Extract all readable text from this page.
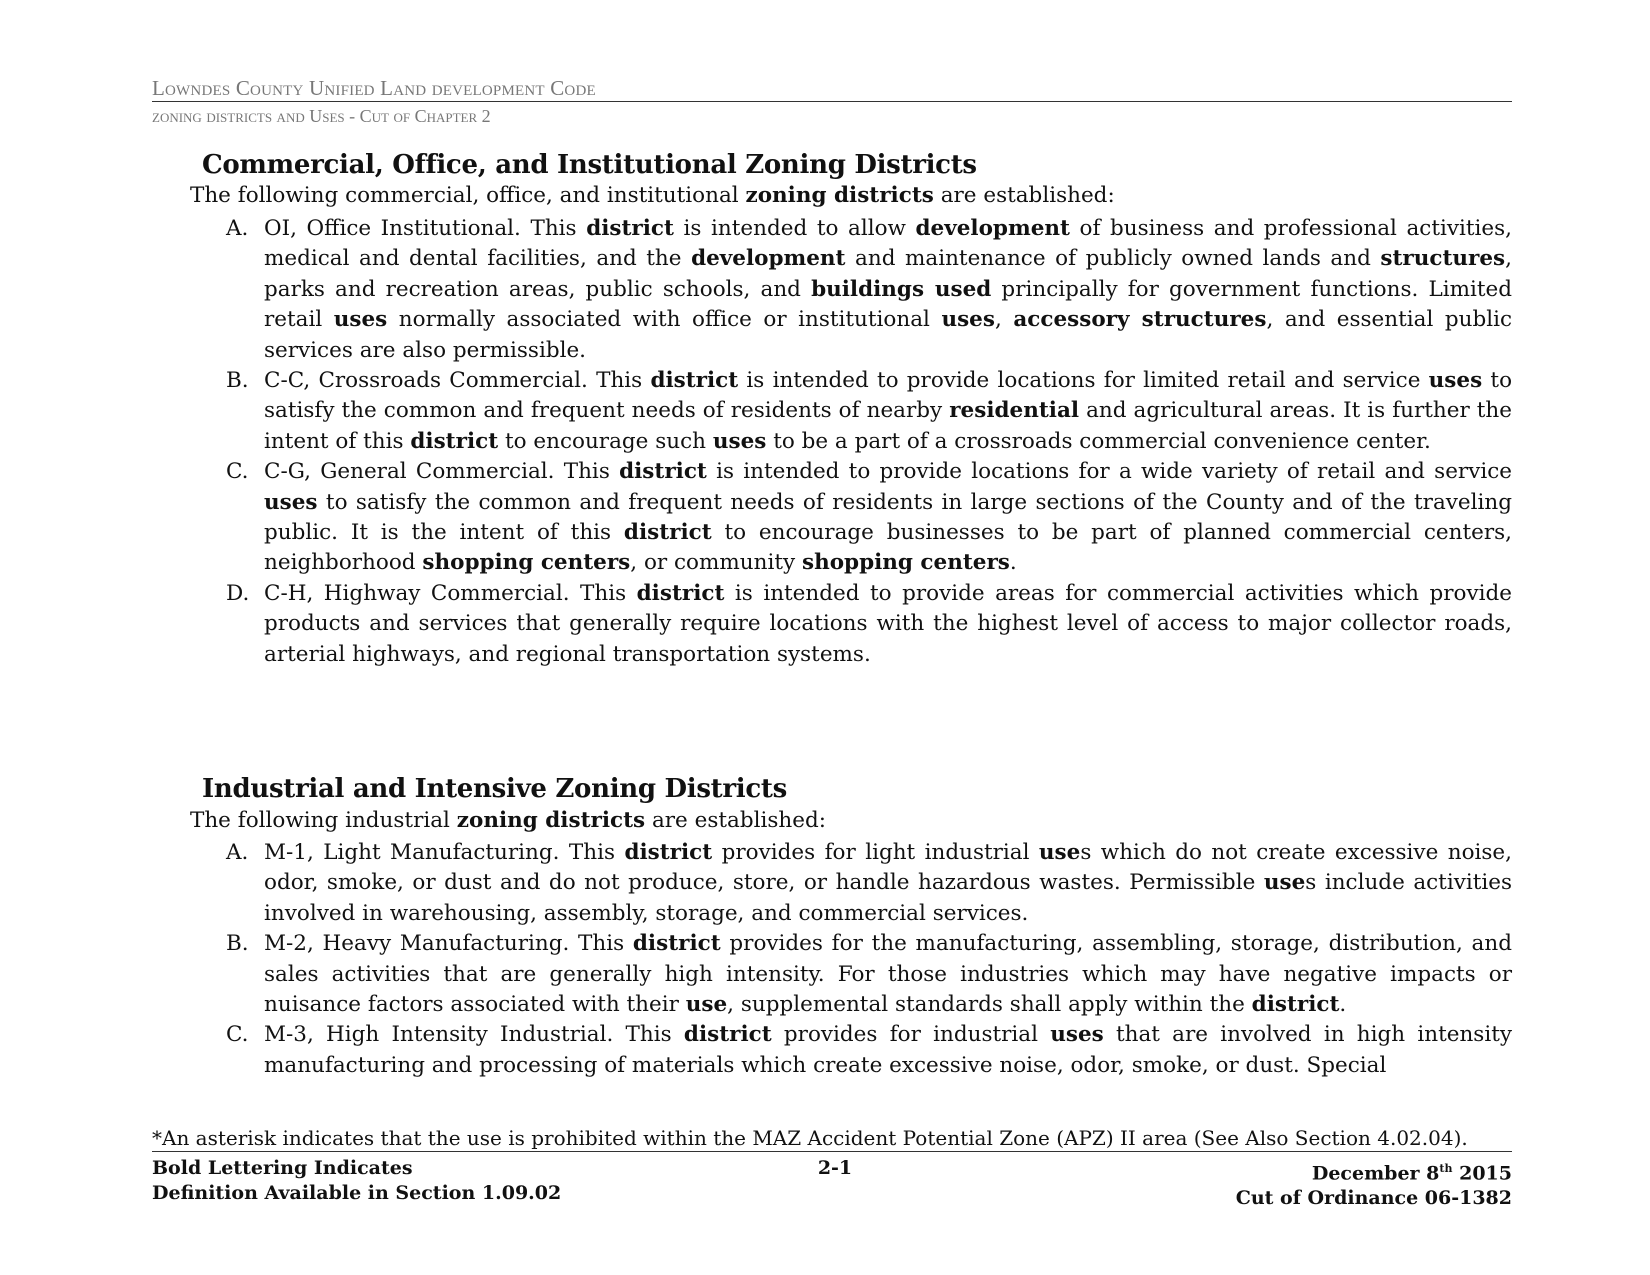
Lowndes County Unified Land development Code
zoning districts and Uses - Cut of Chapter 2
Commercial, Office, and Institutional Zoning Districts
The following commercial, office, and institutional zoning districts are established:
A. OI, Office Institutional. This district is intended to allow development of business and professional activities, medical and dental facilities, and the development and maintenance of publicly owned lands and structures, parks and recreation areas, public schools, and buildings used principally for government functions. Limited retail uses normally associated with office or institutional uses, accessory structures, and essential public services are also permissible.
B. C-C, Crossroads Commercial. This district is intended to provide locations for limited retail and service uses to satisfy the common and frequent needs of residents of nearby residential and agricultural areas. It is further the intent of this district to encourage such uses to be a part of a crossroads commercial convenience center.
C. C-G, General Commercial. This district is intended to provide locations for a wide variety of retail and service uses to satisfy the common and frequent needs of residents in large sections of the County and of the traveling public. It is the intent of this district to encourage businesses to be part of planned commercial centers, neighborhood shopping centers, or community shopping centers.
D. C-H, Highway Commercial. This district is intended to provide areas for commercial activities which provide products and services that generally require locations with the highest level of access to major collector roads, arterial highways, and regional transportation systems.
Industrial and Intensive Zoning Districts
The following industrial zoning districts are established:
A. M-1, Light Manufacturing. This district provides for light industrial uses which do not create excessive noise, odor, smoke, or dust and do not produce, store, or handle hazardous wastes. Permissible uses include activities involved in warehousing, assembly, storage, and commercial services.
B. M-2, Heavy Manufacturing. This district provides for the manufacturing, assembling, storage, distribution, and sales activities that are generally high intensity. For those industries which may have negative impacts or nuisance factors associated with their use, supplemental standards shall apply within the district.
C. M-3, High Intensity Industrial. This district provides for industrial uses that are involved in high intensity manufacturing and processing of materials which create excessive noise, odor, smoke, or dust. Special
*An asterisk indicates that the use is prohibited within the MAZ Accident Potential Zone (APZ) II area (See Also Section 4.02.04).
Bold Lettering Indicates
Definition Available in Section 1.09.02
2-1	December 8th 2015
Cut of Ordinance 06-1382
